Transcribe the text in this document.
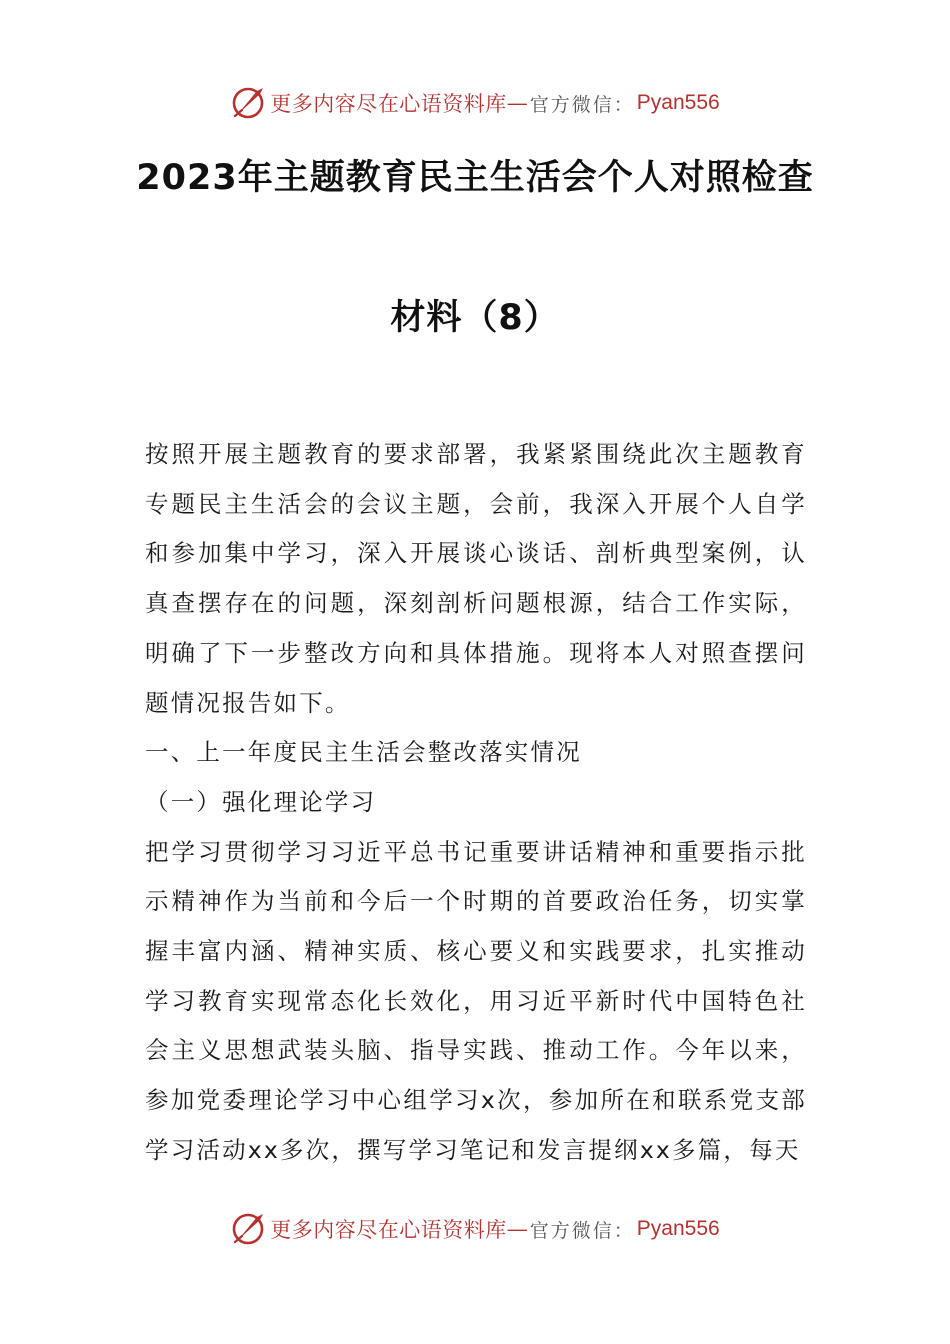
更多内容尽在心语资料库 — 官方微信： Pyan556
2023年主题教育民主生活会个人对照检查
材料（8）

按照开展主题教育的要求部署，我紧紧围绕此次主题教育专题民主生活会的会议主题，会前，我深入开展个人自学和参加集中学习，深入开展谈心谈话、剖析典型案例，认真查摆存在的问题，深刻剖析问题根源，结合工作实际，明确了下一步整改方向和具体措施。现将本人对照查摆问题情况报告如下。

一、上一年度民主生活会整改落实情况

（一）强化理论学习

把学习贯彻学习习近平总书记重要讲话精神和重要指示批示精神作为当前和今后一个时期的首要政治任务，切实掌握丰富内涵、精神实质、核心要义和实践要求，扎实推动学习教育实现常态化长效化，用习近平新时代中国特色社会主义思想武装头脑、指导实践、推动工作。今年以来，参加党委理论学习中心组学习x次，参加所在和联系党支部学习活动xx多次，撰写学习笔记和发言提纲xx多篇，每天

更多内容尽在心语资料库 — 官方微信： Pyan556
